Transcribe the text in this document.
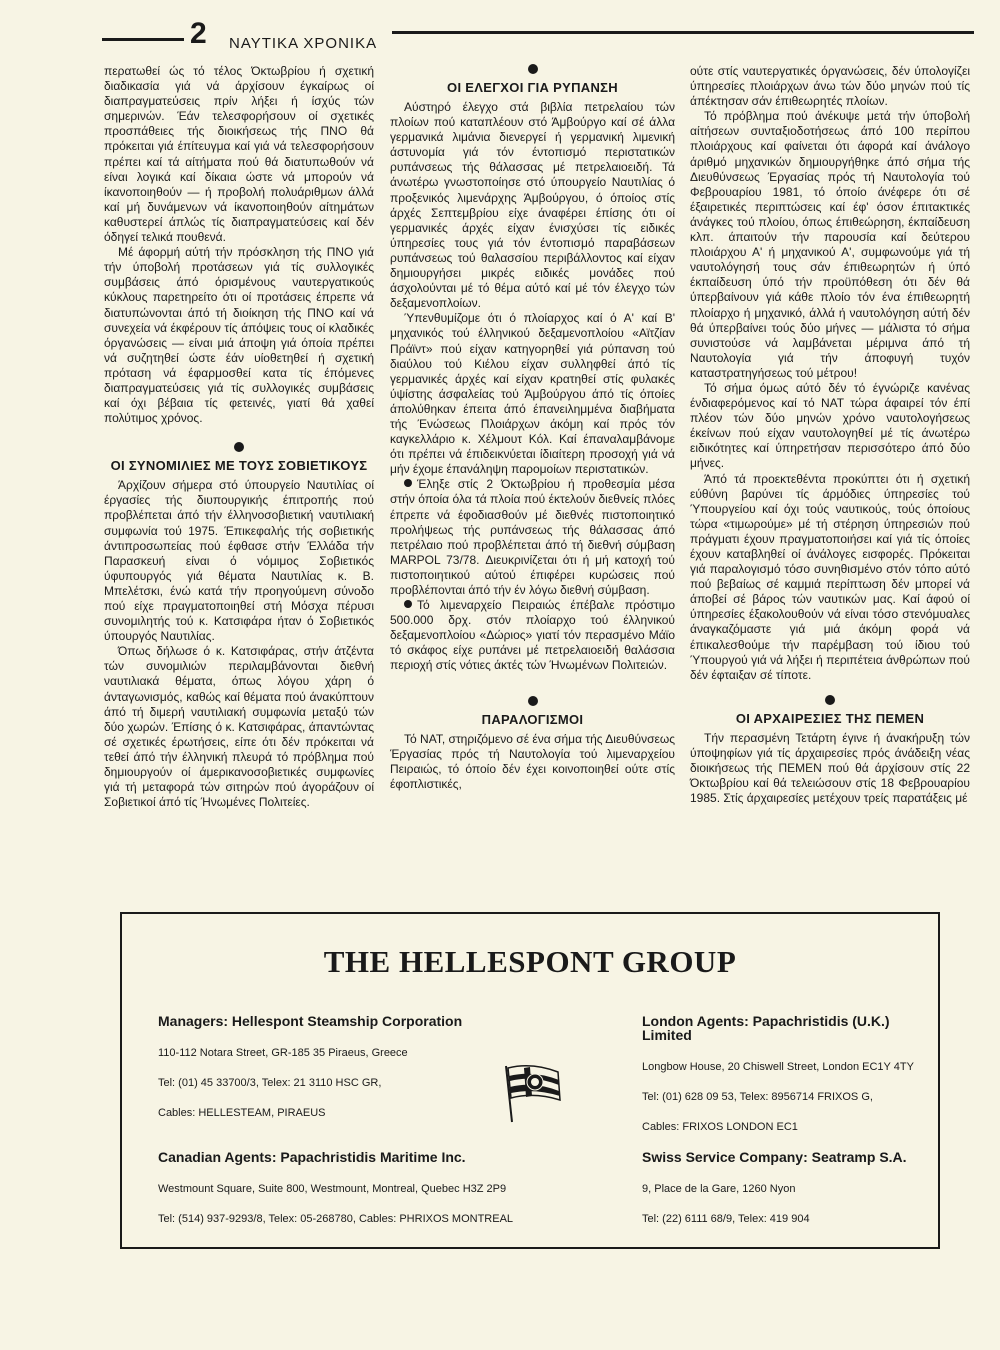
2 ΝΑΥΤΙΚΑ ΧΡΟΝΙΚΑ

περατωθεί ώς τό τέλος Όκτωβρίου ή σχετική διαδικασία γιά νά άρχίσουν έγκαίρως οί διαπραγματεύσεις πρίν λήξει ή ίσχύς τών σημερινών. Έάν τελεσφορήσουν οί σχετικές προσπάθειες τής διοικήσεως τής ΠΝΟ θά πρόκειται γιά έπίτευγμα καί γιά νά τελεσφορήσουν πρέπει καί τά αίτήματα πού θά διατυπωθούν νά είναι λογικά καί δίκαια ώστε νά μπορούν νά ίκανοποιηθούν — ή προβολή πολυάριθμων άλλά καί μή δυνάμενων νά ίκανοποιηθούν αίτημάτων καθυστερεί άπλώς τίς διαπραγματεύσεις καί δέν όδηγεί τελικά πουθενά.

Μέ άφορμή αύτή τήν πρόσκληση τής ΠΝΟ γιά τήν ύποβολή προτάσεων γιά τίς συλλογικές συμβάσεις άπό όρισμένους ναυτεργατικούς κύκλους παρετηρείτο ότι οί προτάσεις έπρεπε νά διατυπώνονται άπό τή διοίκηση τής ΠΝΟ καί νά συνεχεία νά έκφέρουν τίς άπόψεις τους οί κλαδικές όργανώσεις — είναι μιά άποψη γιά όποία πρέπει νά συζητηθεί ώστε έάν υίοθετηθεί ή σχετική πρόταση νά έφαρμοσθεί κατα τίς έπόμενες διαπραγματεύσεις γιά τίς συλλογικές συμβάσεις καί όχι βέβαια τίς φετεινές, γιατί θά χαθεί πολύτιμος χρόνος.

ΟΙ ΣΥΝΟΜΙΛΙΕΣ ΜΕ ΤΟΥΣ ΣΟΒΙΕΤΙΚΟΥΣ

Άρχίζουν σήμερα στό ύπουργείο Ναυτιλίας οί έργασίες τής διυπουργικής έπιτροπής πού προβλέπεται άπό τήν έλληνοσοβιετική ναυτιλιακή συμφωνία τού 1975. Έπικεφαλής τής σοβιετικής άντιπροσωπείας πού έφθασε στήν Έλλάδα τήν Παρασκευή είναι ό νόμιμος Σοβιετικός ύφυπουργός γιά θέματα Ναυτιλίας κ. Β. Μπελέτσκι, ένώ κατά τήν προηγούμενη σύνοδο πού είχε πραγματοποιηθεί στή Μόσχα πέρυσι συνομιλητής τού κ. Κατσιφάρα ήταν ό Σοβιετικός ύπουργός Ναυτιλίας.

Όπως δήλωσε ό κ. Κατσιφάρας, στήν άτζέντα τών συνομιλιών περιλαμβάνονται διεθνή ναυτιλιακά θέματα, όπως λόγου χάρη ό άνταγωνισμός, καθώς καί θέματα πού άνακύπτουν άπό τή διμερή ναυτιλιακή συμφωνία μεταξύ τών δύο χωρών. Έπίσης ό κ. Κατσιφάρας, άπαντώντας σέ σχετικές έρωτήσεις, είπε ότι δέν πρόκειται νά τεθεί άπό τήν έλληνική πλευρά τό πρόβλημα πού δημιουργούν οί άμερικανοσοβιετικές συμφωνίες γιά τή μεταφορά τών σιτηρών πού άγοράζουν οί Σοβιετικοί άπό τίς Ήνωμένες Πολιτείες.

ΟΙ ΕΛΕΓΧΟΙ ΓΙΑ ΡΥΠΑΝΣΗ

Αύστηρό έλεγχο στά βιβλία πετρελαίου τών πλοίων πού καταπλέουν στό Άμβούργο καί σέ άλλα γερμανικά λιμάνια διενεργεί ή γερμανική λιμενική άστυνομία γιά τόν έντοπισμό περιστατικών ρυπάνσεως τής θάλασσας μέ πετρελαιοειδή. Τά άνωτέρω γνωστοποίησε στό ύπουργείο Ναυτιλίας ό προξενικός λιμενάρχης Άμβούργου, ό όποίος στίς άρχές Σεπτεμβρίου είχε άναφέρει έπίσης ότι οί γερμανικές άρχές είχαν ένισχύσει τίς ειδικές ύπηρεσίες τους γιά τόν έντοπισμό παραβάσεων ρυπάνσεως τού θαλασσίου περιβάλλοντος καί είχαν δημιουργήσει μικρές ειδικές μονάδες πού άσχολούνται μέ τό θέμα αύτό καί μέ τόν έλεγχο τών δεξαμενοπλοίων.

Ύπενθυμίζομε ότι ό πλοίαρχος καί ό Α' καί Β' μηχανικός τού έλληνικού δεξαμενοπλοίου «Αϊτζίαν Πράϊντ» πού είχαν κατηγορηθεί γιά ρύπανση τού διαύλου τού Κιέλου είχαν συλληφθεί άπό τίς γερμανικές άρχές καί είχαν κρατηθεί στίς φυλακές ύψίστης άσφαλείας τού Άμβούργου άπό τίς όποίες άπολύθηκαν έπειτα άπό έπανειλημμένα διαβήματα τής Ένώσεως Πλοιάρχων άκόμη καί πρός τόν καγκελλάριο κ. Χέλμουτ Κόλ. Καί έπαναλαμβάνομε ότι πρέπει νά έπιδεικνύεται ίδιαίτερη προσοχή γιά νά μήν έχομε έπανάληψη παρομοίων περιστατικών.

Έληξε στίς 2 Όκτωβρίου ή προθεσμία μέσα στήν όποία όλα τά πλοία πού έκτελούν διεθνείς πλόες έπρεπε νά έφοδιασθούν μέ διεθνές πιστοποιητικό προλήψεως τής ρυπάνσεως τής θάλασσας άπό πετρέλαιο πού προβλέπεται άπό τή διεθνή σύμβαση MARPOL 73/78. Διευκρινίζεται ότι ή μή κατοχή τού πιστοποιητικού αύτού έπιφέρει κυρώσεις πού προβλέπονται άπό τήν έν λόγω διεθνή σύμβαση.

Τό λιμεναρχείο Πειραιώς έπέβαλε πρόστιμο 500.000 δρχ. στόν πλοίαρχο τού έλληνικού δεξαμενοπλοίου «Δώριος» γιατί τόν περασμένο Μάϊο τό σκάφος είχε ρυπάνει μέ πετρελαιοειδή θαλάσσια περιοχή στίς νότιες άκτές τών Ήνωμένων Πολιτειών.

ΠΑΡΑΛΟΓΙΣΜΟΙ

Τό ΝΑΤ, στηριζόμενο σέ ένα σήμα τής Διευθύνσεως Έργασίας πρός τή Ναυτολογία τού λιμεναρχείου Πειραιώς, τό όποίο δέν έχει κοινοποιηθεί ούτε στίς έφοπλιστικές,

ούτε στίς ναυτεργατικές όργανώσεις, δέν ύπολογίζει ύπηρεσίες πλοιάρχων άνω τών δύο μηνών πού τίς άπέκτησαν σάν έπιθεωρητές πλοίων.

Τό πρόβλημα πού άνέκυψε μετά τήν ύποβολή αίτήσεων συνταξιοδοτήσεως άπό 100 περίπου πλοιάρχους καί φαίνεται ότι άφορά καί άνάλογο άριθμό μηχανικών δημιουργήθηκε άπό σήμα τής Διευθύνσεως Έργασίας πρός τή Ναυτολογία τού Φεβρουαρίου 1981, τό όποίο άνέφερε ότι σέ έξαιρετικές περιπτώσεις καί έφ' όσον έπιτακτικές άνάγκες τού πλοίου, όπως έπιθεώρηση, έκπαίδευση κλπ. άπαιτούν τήν παρουσία καί δεύτερου πλοιάρχου Α' ή μηχανικού Α', συμφωνούμε γιά τή ναυτολόγησή τους σάν έπιθεωρητών ή ύπό έκπαίδευση ύπό τήν προϋπόθεση ότι δέν θά ύπερβαίνουν γιά κάθε πλοίο τόν ένα έπιθεωρητή πλοίαρχο ή μηχανικό, άλλά ή ναυτολόγηση αύτή δέν θά ύπερβαίνει τούς δύο μήνες — μάλιστα τό σήμα συνιστούσε νά λαμβάνεται μέριμνα άπό τή Ναυτολογία γιά τήν άποφυγή τυχόν καταστρατηγήσεως τού μέτρου!

Τό σήμα όμως αύτό δέν τό έγνώριζε κανένας ένδιαφερόμενος καί τό ΝΑΤ τώρα άφαιρεί τόν έπί πλέον τών δύο μηνών χρόνο ναυτολογήσεως έκείνων πού είχαν ναυτολογηθεί μέ τίς άνωτέρω ειδικότητες καί ύπηρετήσαν περισσότερο άπό δύο μήνες.

Άπό τά προεκτεθέντα προκύπτει ότι ή σχετική εύθύνη βαρύνει τίς άρμόδιες ύπηρεσίες τού Ύπουργείου καί όχι τούς ναυτικούς, τούς όποίους τώρα «τιμωρούμε» μέ τή στέρηση ύπηρεσιών πού πράγματι έχουν πραγματοποιήσει καί γιά τίς όποίες έχουν καταβληθεί οί άνάλογες εισφορές. Πρόκειται γιά παραλογισμό τόσο συνηθισμένο στόν τόπο αύτό πού βεβαίως σέ καμμιά περίπτωση δέν μπορεί νά άποβεί σέ βάρος τών ναυτικών μας. Καί άφού οί ύπηρεσίες έξακολουθούν νά είναι τόσο στενόμυαλες άναγκαζόμαστε γιά μιά άκόμη φορά νά έπικαλεσθούμε τήν παρέμβαση τού ίδιου τού Ύπουργού γιά νά λήξει ή περιπέτεια άνθρώπων πού δέν έφταιξαν σέ τίποτε.

ΟΙ ΑΡΧΑΙΡΕΣΙΕΣ ΤΗΣ ΠΕΜΕΝ

Τήν περασμένη Τετάρτη έγινε ή άνακήρυξη τών ύποψηφίων γιά τίς άρχαιρεσίες πρός άνάδειξη νέας διοικήσεως τής ΠΕΜΕΝ πού θά άρχίσουν στίς 22 Όκτωβρίου καί θά τελειώσουν στίς 18 Φεβρουαρίου 1985. Στίς άρχαιρεσίες μετέχουν τρείς παρατάξεις μέ

THE HELLESPONT GROUP
Managers: Hellespont Steamship Corporation
110-112 Notara Street, GR-185 35 Piraeus, Greece
Tel: (01) 45 33700/3, Telex: 21 3110 HSC GR,
Cables: HELLESTEAM, PIRAEUS
Canadian Agents: Papachristidis Maritime Inc.
Westmount Square, Suite 800, Westmount, Montreal, Quebec H3Z 2P9
Tel: (514) 937-9293/8, Telex: 05-268780, Cables: PHRIXOS MONTREAL
London Agents: Papachristidis (U.K.) Limited
Longbow House, 20 Chiswell Street, London EC1Y 4TY
Tel: (01) 628 09 53, Telex: 8956714 FRIXOS G,
Cables: FRIXOS LONDON EC1
Swiss Service Company: Seatramp S.A.
9, Place de la Gare, 1260 Nyon
Tel: (22) 6111 68/9, Telex: 419 904
